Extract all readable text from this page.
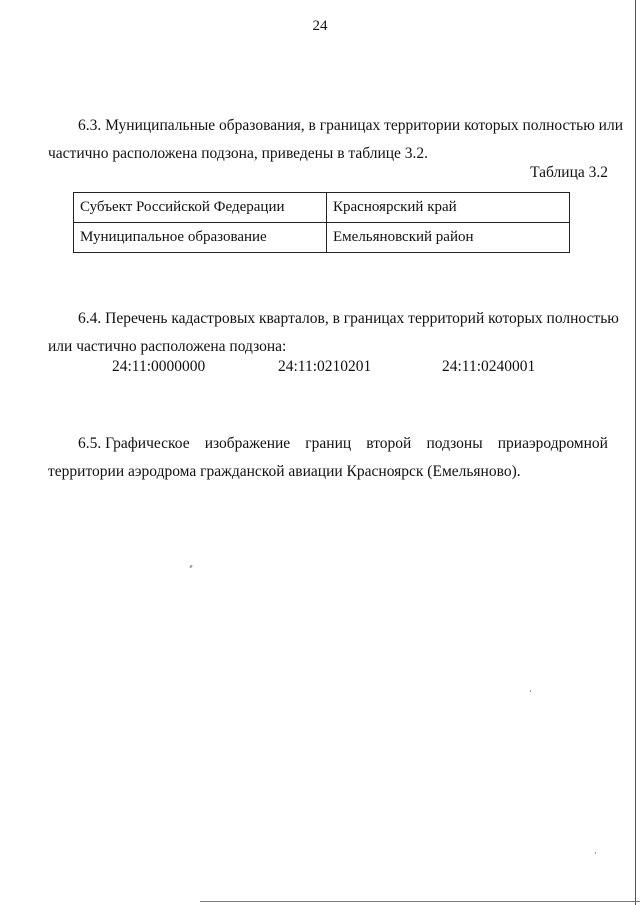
24
6.3. Муниципальные образования, в границах территории которых полностью или
частично расположена подзона, приведены в таблице 3.2.
Таблица 3.2
Субъект Российской Федерации	Красноярский край
Муниципальное образование	Емельяновский район
6.4. Перечень кадастровых кварталов, в границах территорий которых полностью
или частично расположена подзона:
24:11:0000000	24:11:0210201	24:11:0240001
6.5. Графическое изображение границ второй подзоны приаэродромной
территории аэродрома гражданской авиации Красноярск (Емельяново).
